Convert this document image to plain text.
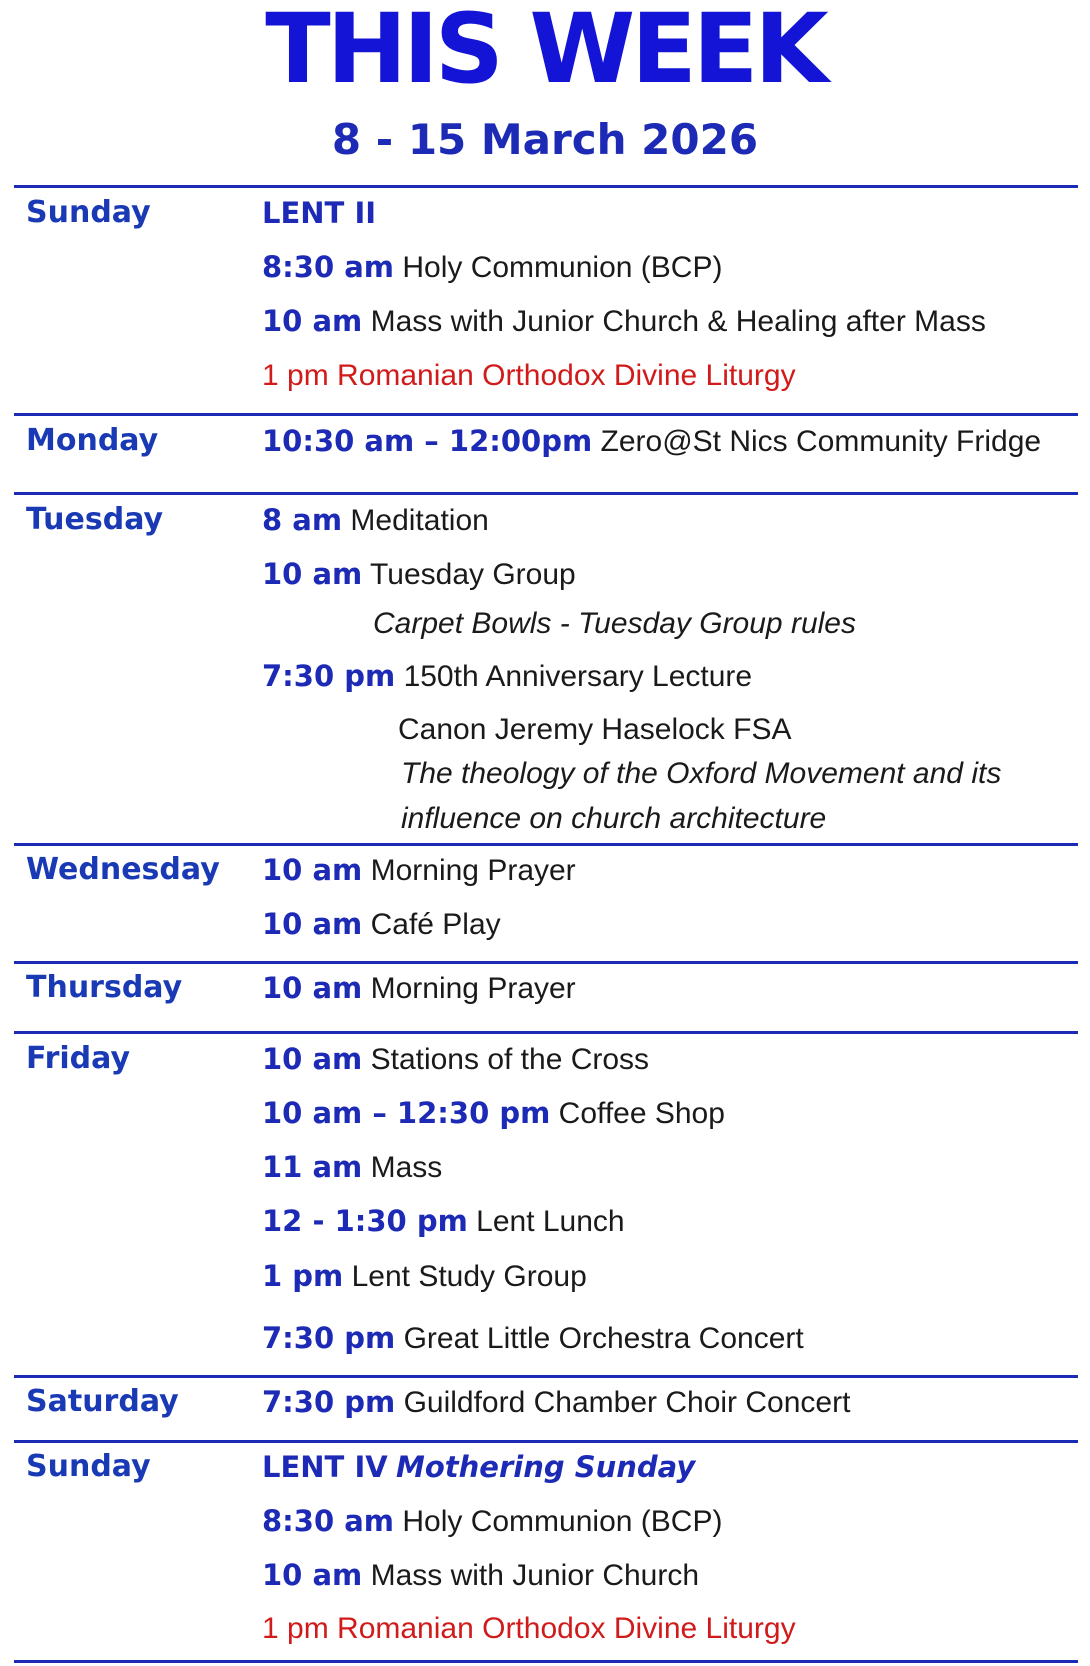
THIS WEEK
8 - 15 March 2026
Sunday	LENT II
8:30 am Holy Communion (BCP)
10 am Mass with Junior Church & Healing after Mass
1 pm Romanian Orthodox Divine Liturgy
Monday	10:30 am – 12:00pm Zero@St Nics Community Fridge
Tuesday	8 am Meditation
10 am Tuesday Group
Carpet Bowls - Tuesday Group rules
7:30 pm 150th Anniversary Lecture
Canon Jeremy Haselock FSA
The theology of the Oxford Movement and its
influence on church architecture
Wednesday 10 am Morning Prayer
10 am Café Play
Thursday	10 am Morning Prayer
Friday	10 am Stations of the Cross
10 am – 12:30 pm Coffee Shop
11 am Mass
12 - 1:30 pm Lent Lunch
1 pm Lent Study Group
7:30 pm Great Little Orchestra Concert
Saturday	7:30 pm Guildford Chamber Choir Concert
Sunday	LENT IV Mothering Sunday
8:30 am Holy Communion (BCP)
10 am Mass with Junior Church
1 pm Romanian Orthodox Divine Liturgy
